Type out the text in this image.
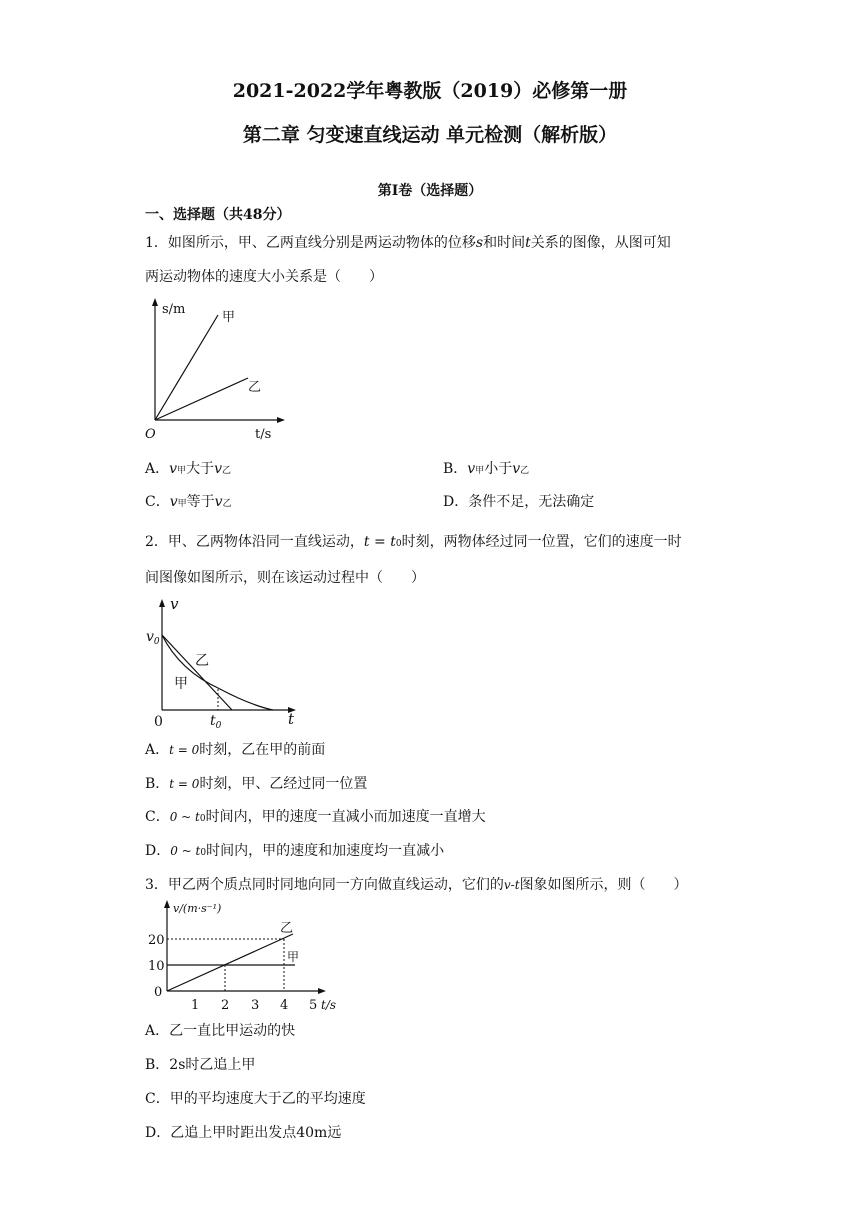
2021-2022学年粤教版（2019）必修第一册
第二章 匀变速直线运动 单元检测（解析版）
第Ⅰ卷（选择题）
一、选择题（共48分）
1．如图所示，甲、乙两直线分别是两运动物体的位移s和时间t关系的图像，从图可知
两运动物体的速度大小关系是（　　）
s/m
甲
乙
O	t/s
A．v甲大于v乙	B．v甲小于v乙
C．v甲等于v乙	D．条件不足，无法确定
2．甲、乙两物体沿同一直线运动，t = t0时刻，两物体经过同一位置，它们的速度一时
间图像如图所示，则在该运动过程中（　　）
v
$v_0$
乙
甲
0	$t_0$	t
A．t = 0时刻，乙在甲的前面
B．t = 0时刻，甲、乙经过同一位置
C．0 ~ t0时间内，甲的速度一直减小而加速度一直增大
D．0 ~ t0时间内，甲的速度和加速度均一直减小
3．甲乙两个质点同时同地向同一方向做直线运动，它们的v-t图象如图所示，则（　　）
v/(m·s⁻¹)
乙
甲
20
10
0
1 2 3 4 5 t/s
A．乙一直比甲运动的快
B．2s时乙追上甲
C．甲的平均速度大于乙的平均速度
D．乙追上甲时距出发点40m远
